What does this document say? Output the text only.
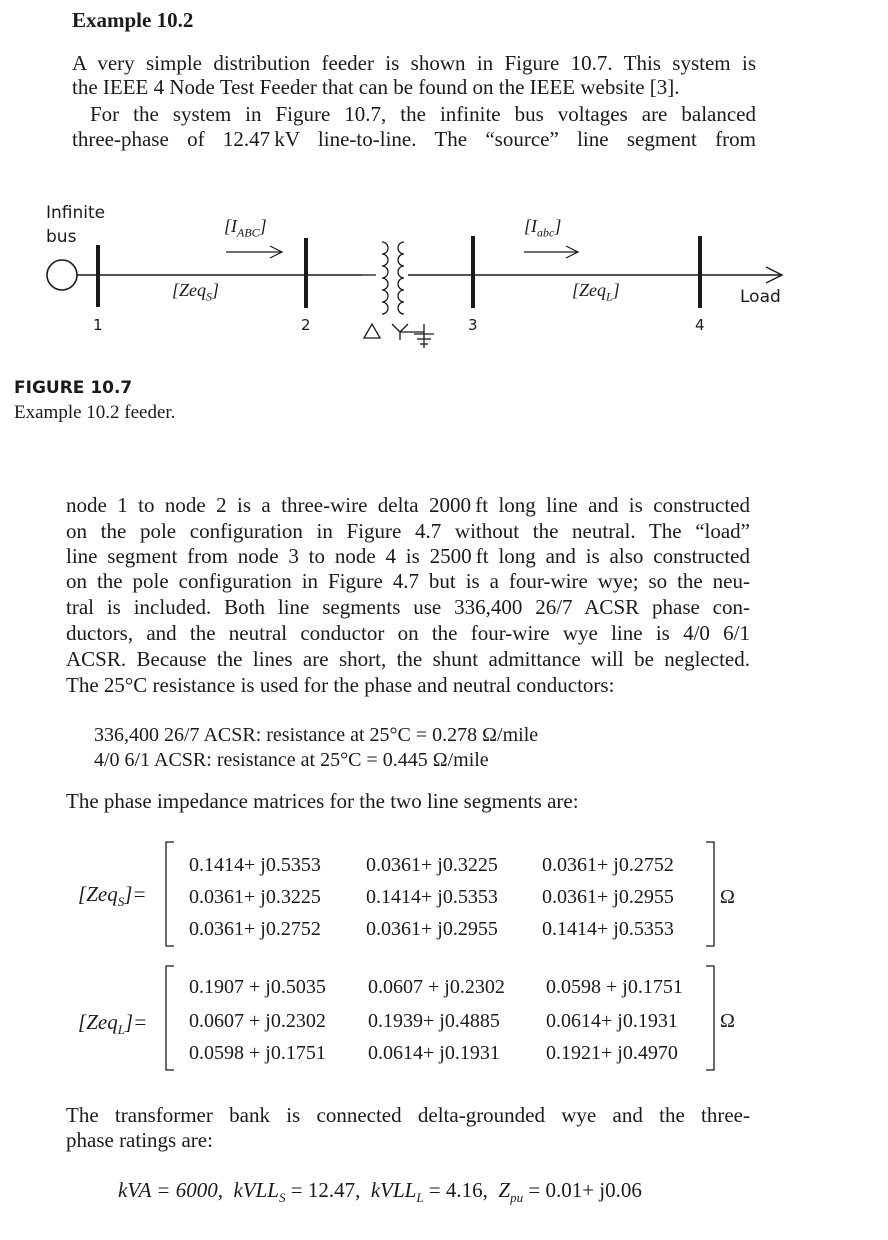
Example 10.2
A very simple distribution feeder is shown in Figure 10.7. This system is
the IEEE 4 Node Test Feeder that can be found on the IEEE website [3].
For the system in Figure 10.7, the infinite bus voltages are balanced
three-phase of 12.47 kV line-to-line. The “source” line segment from
Infinite
bus
$[I_{ABC}]$	$[I_{abc}]$
[Zeq$_S$]	[Zeq$_L$]	Load
1	2	3	4
FIGURE 10.7
Example 10.2 feeder.
node 1 to node 2 is a three-wire delta 2000 ft long line and is constructed
on the pole configuration in Figure 4.7 without the neutral. The “load”
line segment from node 3 to node 4 is 2500 ft long and is also constructed
on the pole configuration in Figure 4.7 but is a four-wire wye; so the neu-
tral is included. Both line segments use 336,400 26/7 ACSR phase con-
ductors, and the neutral conductor on the four-wire wye line is 4/0 6/1
ACSR. Because the lines are short, the shunt admittance will be neglected.
The 25°C resistance is used for the phase and neutral conductors:
336,400 26/7 ACSR: resistance at 25°C = 0.278 Ω/mile
4/0 6/1 ACSR: resistance at 25°C = 0.445 Ω/mile
The phase impedance matrices for the two line segments are:
[Zeq$_S$]=
0.1414+ j0.5353 0.0361+ j0.3225 0.0361+ j0.2752
0.0361+ j0.3225 0.1414+ j0.5353 0.0361+ j0.2955
0.0361+ j0.2752 0.0361+ j0.2955 0.1414+ j0.5353
Ω
[Zeq$_L$]=
0.1907 + j0.5035 0.0607 + j0.2302 0.0598 + j0.1751
0.0607 + j0.2302 0.1939+ j0.4885 0.0614+ j0.1931
0.0598 + j0.1751 0.0614+ j0.1931 0.1921+ j0.4970
Ω
The transformer bank is connected delta-grounded wye and the three-
phase ratings are:
kVA = 6000, kVLL$_S$ = 12.47, kVLL$_L$ = 4.16, $Z_{pu} = 0.01+ j0.06$
